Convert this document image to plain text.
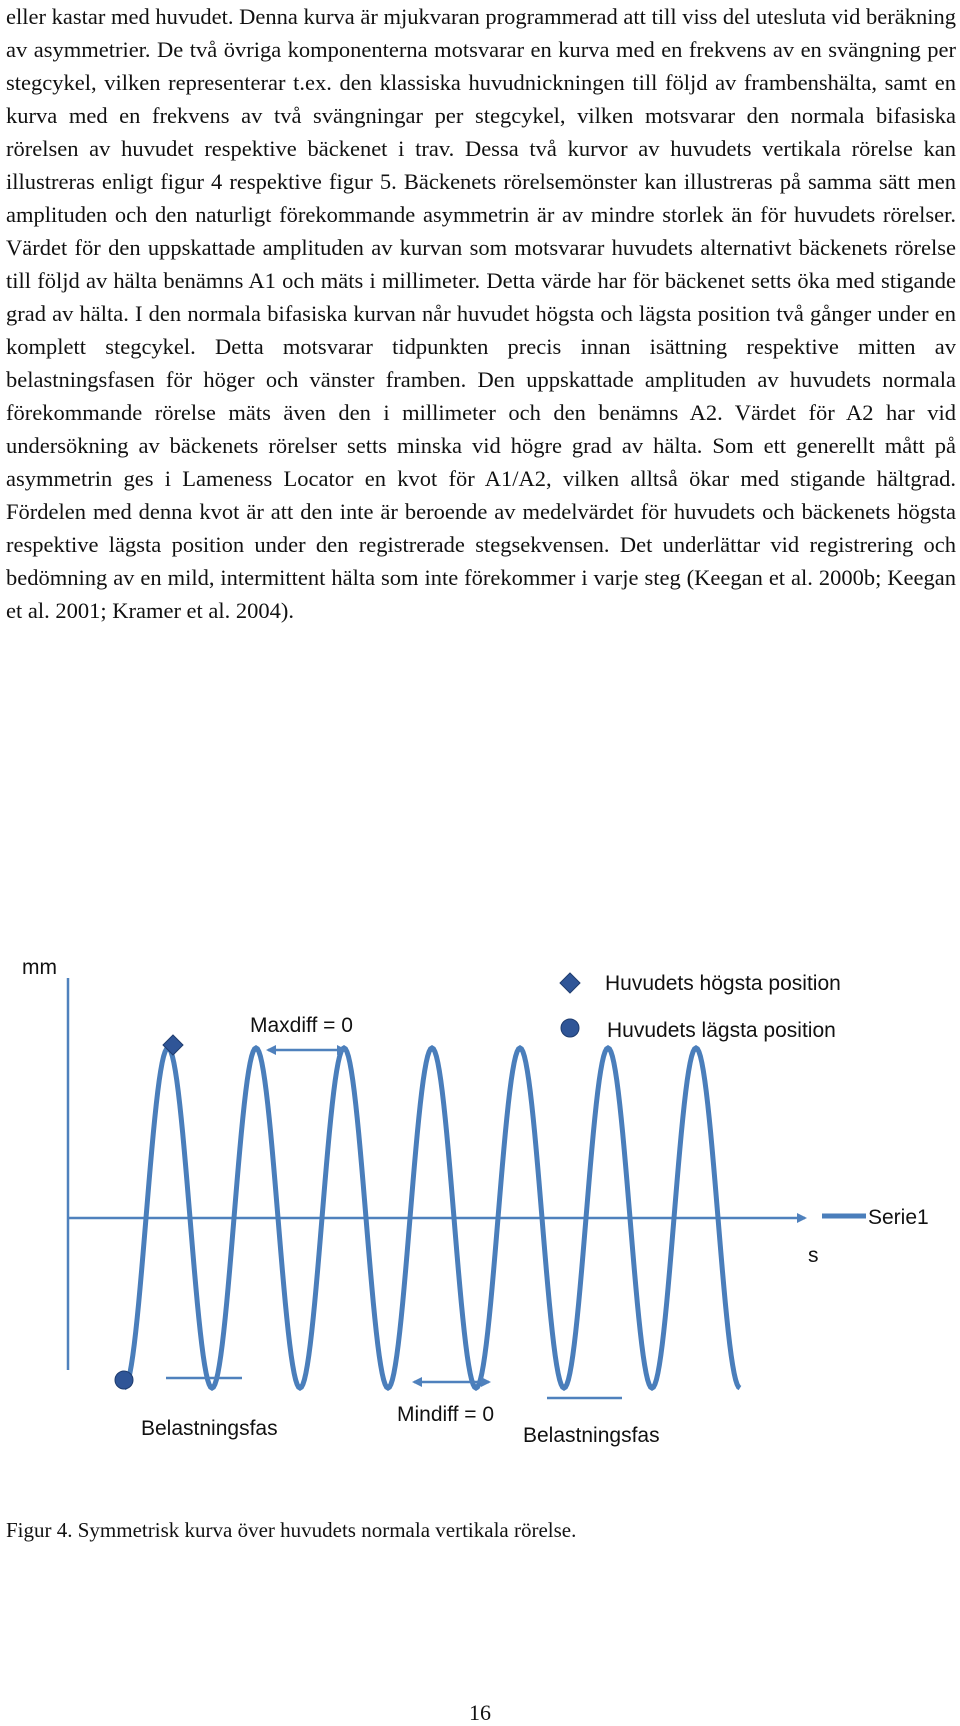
eller kastar med huvudet. Denna kurva är mjukvaran programmerad att till viss del utesluta vid beräkning av asymmetrier. De två övriga komponenterna motsvarar en kurva med en frekvens av en svängning per stegcykel, vilken representerar t.ex. den klassiska huvudnickningen till följd av frambenshälta, samt en kurva med en frekvens av två svängningar per stegcykel, vilken motsvarar den normala bifasiska rörelsen av huvudet respektive bäckenet i trav. Dessa två kurvor av huvudets vertikala rörelse kan illustreras enligt figur 4 respektive figur 5. Bäckenets rörelsemönster kan illustreras på samma sätt men amplituden och den naturligt förekommande asymmetrin är av mindre storlek än för huvudets rörelser. Värdet för den uppskattade amplituden av kurvan som motsvarar huvudets alternativt bäckenets rörelse till följd av hälta benämns A1 och mäts i millimeter. Detta värde har för bäckenet setts öka med stigande grad av hälta. I den normala bifasiska kurvan når huvudet högsta och lägsta position två gånger under en komplett stegcykel. Detta motsvarar tidpunkten precis innan isättning respektive mitten av belastningsfasen för höger och vänster framben. Den uppskattade amplituden av huvudets normala förekommande rörelse mäts även den i millimeter och den benämns A2. Värdet för A2 har vid undersökning av bäckenets rörelser setts minska vid högre grad av hälta. Som ett generellt mått på asymmetrin ges i Lameness Locator en kvot för A1/A2, vilken alltså ökar med stigande hältgrad. Fördelen med denna kvot är att den inte är beroende av medelvärdet för huvudets och bäckenets högsta respektive lägsta position under den registrerade stegsekvensen. Det underlättar vid registrering och bedömning av en mild, intermittent hälta som inte förekommer i varje steg (Keegan et al. 2000b; Keegan et al. 2001; Kramer et al. 2004).

mm
s
Maxdiff = 0
Mindiff = 0
Belastningsfas	Belastningsfas
Huvudets högsta position
Huvudets lägsta position
Serie1

Figur 4. Symmetrisk kurva över huvudets normala vertikala rörelse.

16
